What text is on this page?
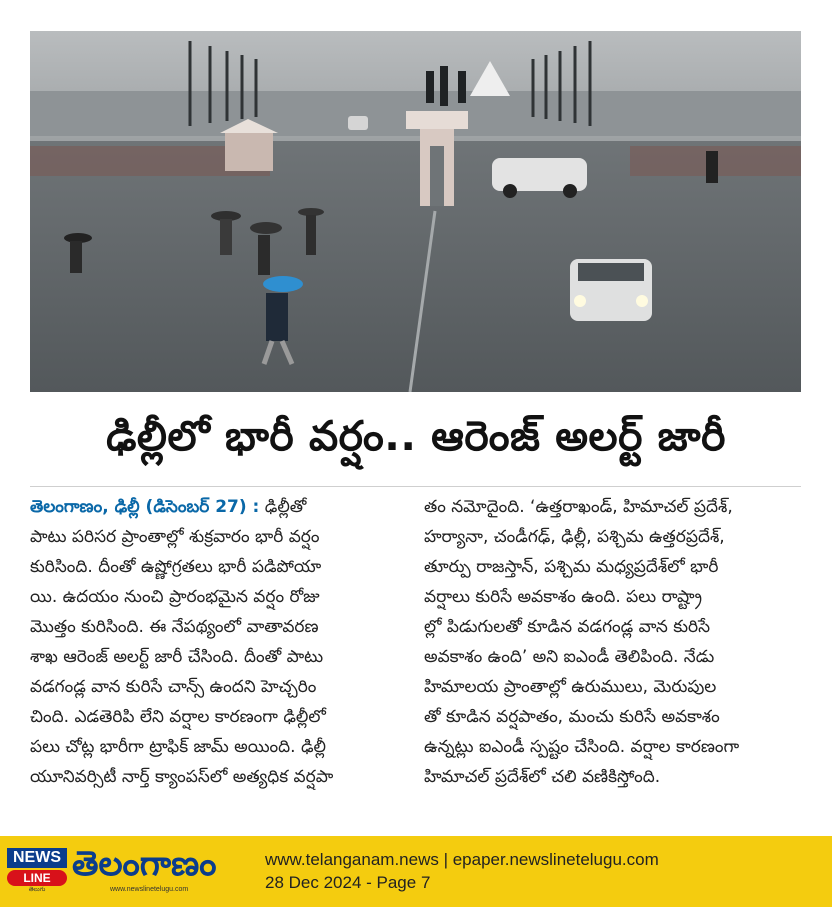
ఢిల్లీలో భారీ వర్షం.. ఆరెంజ్ అలర్ట్ జారీ
తెలంగాణం, ఢిల్లీ (డిసెంబర్ 27) : ఢిల్లీతో
పాటు పరిసర ప్రాంతాల్లో శుక్రవారం భారీ వర్షం
కురిసింది. దీంతో ఉష్ణోగ్రతలు భారీ పడిపోయా
యి. ఉదయం నుంచి ప్రారంభమైన వర్షం రోజు
మొత్తం కురిసింది. ఈ నేపథ్యంలో వాతావరణ
శాఖ ఆరెంజ్ అలర్ట్ జారీ చేసింది. దీంతో పాటు
వడగండ్ల వాన కురిసే చాన్స్ ఉందని హెచ్చరిం
చింది. ఎడతెరిపి లేని వర్షాల కారణంగా ఢిల్లీలో
పలు చోట్ల భారీగా ట్రాఫిక్ జామ్ అయింది. ఢిల్లీ
యూనివర్సిటీ నార్త్ క్యాంపస్‌లో అత్యధిక వర్షపా
తం నమోదైంది. ‘ఉత్తరాఖండ్, హిమాచల్ ప్రదేశ్,
హర్యానా, చండీగఢ్, ఢిల్లీ, పశ్చిమ ఉత్తరప్రదేశ్,
తూర్పు రాజస్తాన్, పశ్చిమ మధ్యప్రదేశ్‌లో భారీ
వర్షాలు కురిసే అవకాశం ఉంది. పలు రాష్ట్రా
ల్లో పిడుగులతో కూడిన వడగండ్ల వాన కురిసే
అవకాశం ఉంది’ అని ఐఎండీ తెలిపింది. నేడు
హిమాలయ ప్రాంతాల్లో ఉరుములు, మెరుపుల
తో కూడిన వర్షపాతం, మంచు కురిసే అవకాశం
ఉన్నట్లు ఐఎండీ స్పష్టం చేసింది. వర్షాల కారణంగా
హిమాచల్ ప్రదేశ్‌లో చలి వణికిస్తోంది.
NEWS
LINE
తెలుగు
తెలంగాణం
www.newslinetelugu.com
www.telanganam.news | epaper.newslinetelugu.com
28 Dec 2024 - Page 7
